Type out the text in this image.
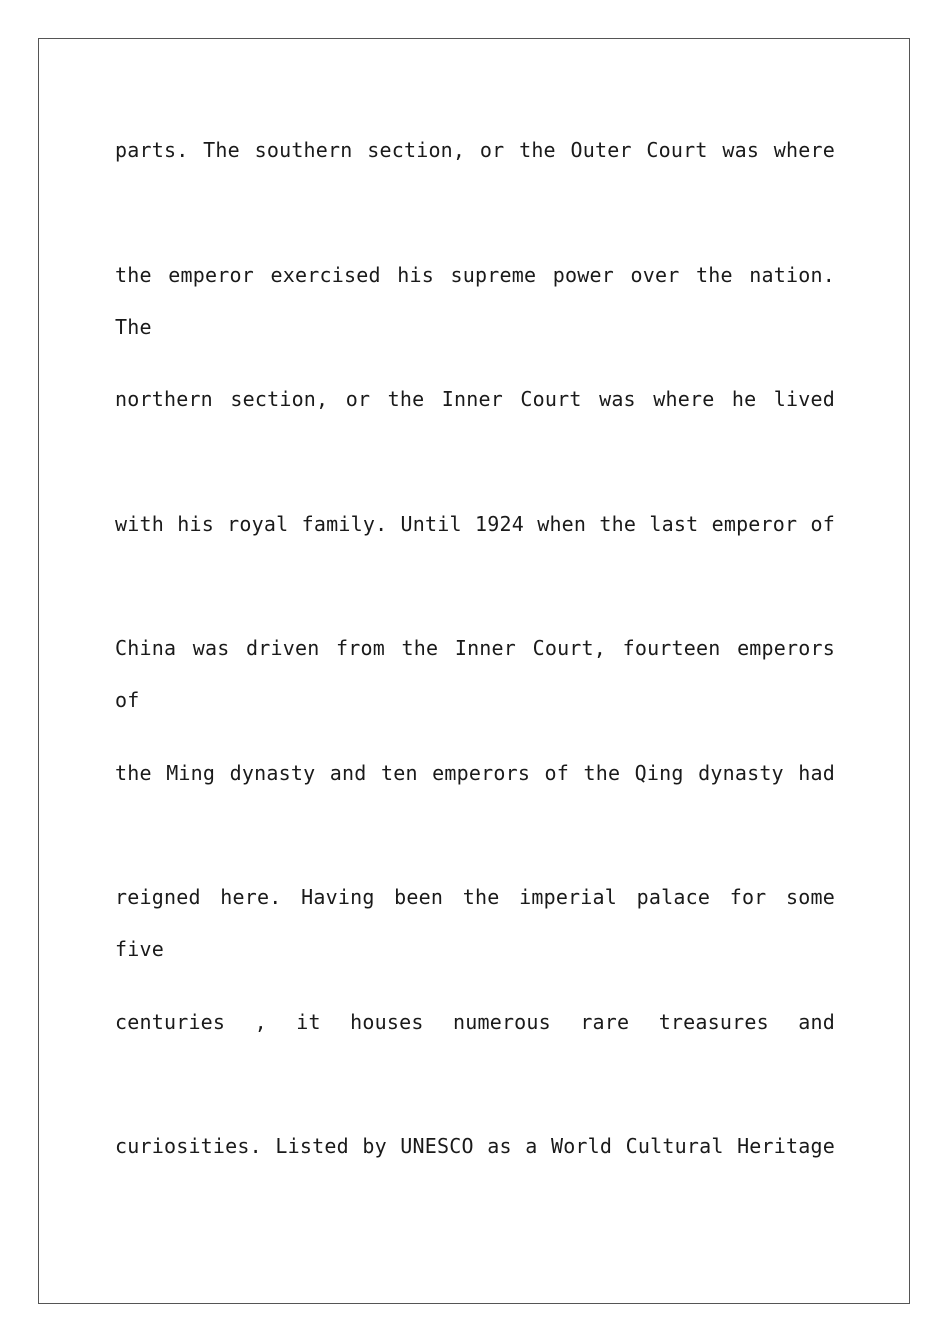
parts. The southern section, or the Outer Court was where
the emperor exercised his supreme power over the nation. The
northern section, or the Inner Court was where he lived
with his royal family. Until 1924 when the last emperor of
China was driven from the Inner Court, fourteen emperors of
the Ming dynasty and ten emperors of the Qing dynasty had
reigned here. Having been the imperial palace for some five
centuries , it houses numerous rare treasures and
curiosities. Listed by UNESCO as a World Cultural Heritage
